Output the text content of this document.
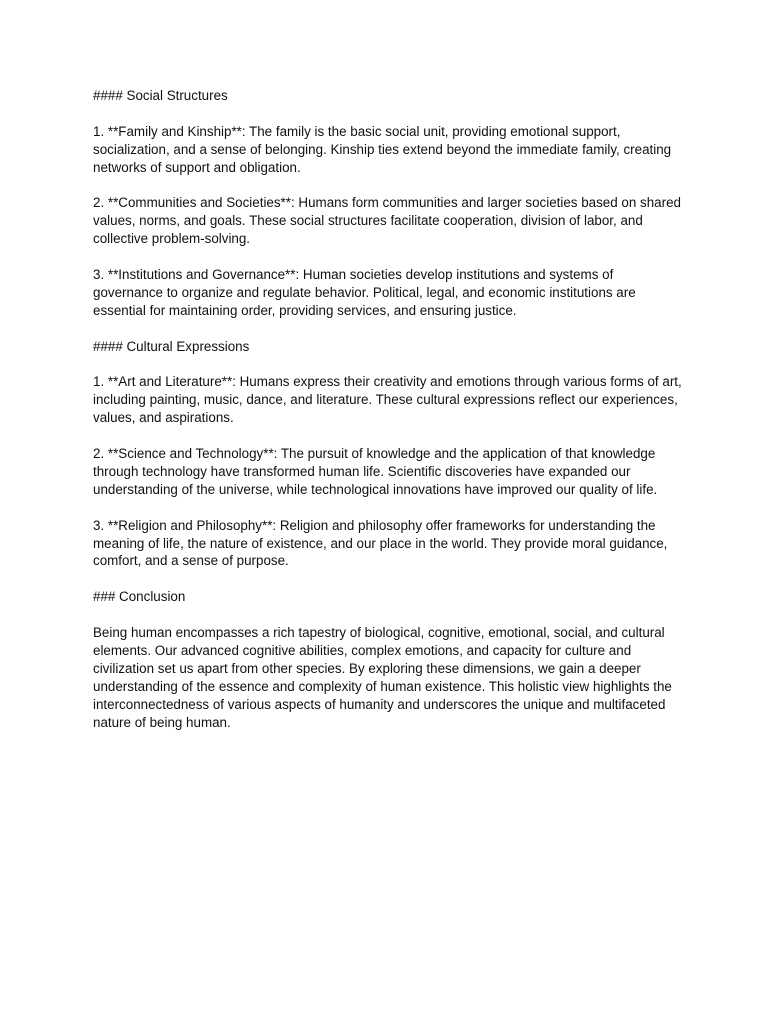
#### Social Structures

1. **Family and Kinship**: The family is the basic social unit, providing emotional support, socialization, and a sense of belonging. Kinship ties extend beyond the immediate family, creating networks of support and obligation.

2. **Communities and Societies**: Humans form communities and larger societies based on shared values, norms, and goals. These social structures facilitate cooperation, division of labor, and collective problem-solving.

3. **Institutions and Governance**: Human societies develop institutions and systems of governance to organize and regulate behavior. Political, legal, and economic institutions are essential for maintaining order, providing services, and ensuring justice.

#### Cultural Expressions

1. **Art and Literature**: Humans express their creativity and emotions through various forms of art, including painting, music, dance, and literature. These cultural expressions reflect our experiences, values, and aspirations.

2. **Science and Technology**: The pursuit of knowledge and the application of that knowledge through technology have transformed human life. Scientific discoveries have expanded our understanding of the universe, while technological innovations have improved our quality of life.

3. **Religion and Philosophy**: Religion and philosophy offer frameworks for understanding the meaning of life, the nature of existence, and our place in the world. They provide moral guidance, comfort, and a sense of purpose.

### Conclusion

Being human encompasses a rich tapestry of biological, cognitive, emotional, social, and cultural elements. Our advanced cognitive abilities, complex emotions, and capacity for culture and civilization set us apart from other species. By exploring these dimensions, we gain a deeper understanding of the essence and complexity of human existence. This holistic view highlights the interconnectedness of various aspects of humanity and underscores the unique and multifaceted nature of being human.
